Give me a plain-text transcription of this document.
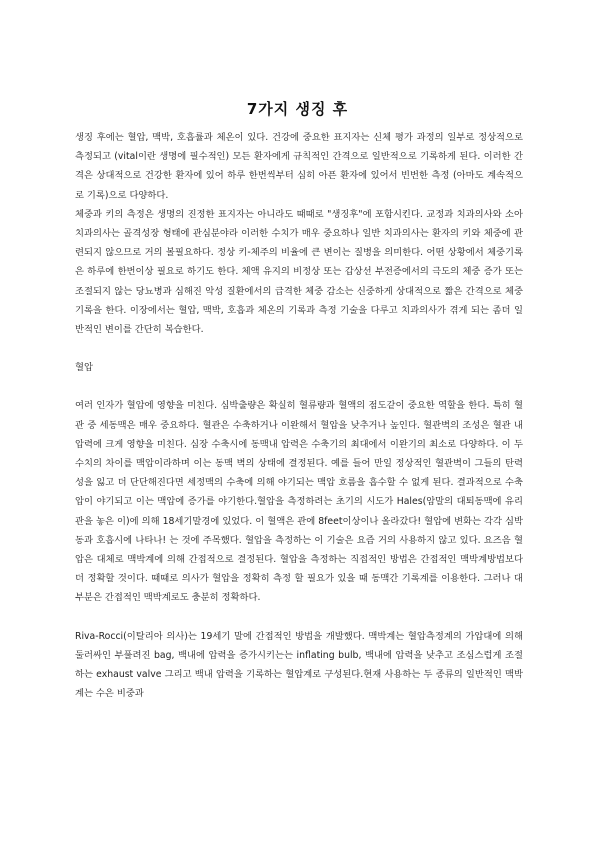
7가지 생징 후

생징 후에는 혈압, 맥박, 호흡률과 체온이 있다. 건강에 중요한 표지자는 신체 평가 과정의 일부로 정상적으로 측정되고 (vital이란 생명에 필수적인) 모든 환자에게 규칙적인 간격으로 일반적으로 기록하게 된다. 이러한 간격은 상대적으로 건강한 환자에 있어 하루 한번씩부터 심히 아픈 환자에 있어서 빈번한 측정 (아마도 계속적으로 기록)으로 다양하다.

체중과 키의 측정은 생명의 진정한 표지자는 아니라도 때때로 "생징후"에 포함시킨다. 교정과 치과의사와 소아치과의사는 골격성장 형태에 관심분야라 이러한 수치가 매우 중요하나 일반 치과의사는 환자의 키와 체중에 관련되지 않으므로 거의 볼필요하다. 정상 키-체주의 비율에 큰 변이는 질병을 의미한다. 어떤 상황에서 체중기록은 하루에 한번이상 필요로 하기도 한다. 체액 유지의 비정상 또는 갑상선 부전증에서의 극도의 체중 증가 또는 조절되지 않는 당뇨병과 심해진 악성 질환에서의 급격한 체중 감소는 신중하게 상대적으로 짧은 간격으로 체중 기록을 한다. 이장에서는 혈압, 맥박, 호흡과 체온의 기록과 측정 기술을 다루고 치과의사가 겪게 되는 좀더 일반적인 변이를 간단히 복습한다.

혈압

여러 인자가 혈압에 영향을 미친다. 심박출량은 확실히 혈류량과 혈액의 점도같이 중요한 역할을 한다. 특히 혈관 중 세동맥은 매우 중요하다. 혈관은 수축하거나 이완해서 혈압을 낮추거나 높인다. 혈관벽의 조성은 혈관 내 압력에 크게 영향을 미친다. 심장 수축시에 동맥내 압력은 수축기의 최대에서 이완기의 최소로 다양하다. 이 두 수치의 차이를 맥압이라하며 이는 동맥 벽의 상태에 결정된다. 예를 들어 만일 정상적인 혈관벽이 그들의 탄력성을 잃고 더 단단해진다면 세정맥의 수축에 의해 야기되는 맥압 흐름을 흡수할 수 없게 된다. 결과적으로 수축압이 야기되고 이는 맥압에 증가를 야기한다.혈압을 측정하려는 초기의 시도가 Hales(암말의 대퇴동맥에 유리관을 놓은 이)에 의해 18세기말경에 있었다. 이 혈액은 관에 8feet이상이나 올라갔다! 혈압에 변화는 각각 심박동과 호흡시에 나타나! 는 것에 주목했다. 혈압을 측정하는 이 기술은 요즘 거의 사용하지 않고 있다. 요즈음 혈압은 대체로 맥박계에 의해 간접적으로 결정된다. 혈압을 측정하는 직접적인 방법은 간접적인 맥박계방법보다 더 정확할 것이다. 때때로 의사가 혈압을 정확히 측정 할 필요가 있을 때 동맥간 기록계를 이용한다. 그러나 대부분은 간접적인 맥박계로도 충분히 정확하다.

Riva-Rocci(이탈리아 의사)는 19세기 말에 간접적인 방법을 개발했다. 맥박계는 혈압측정계의 가압대에 의해 둘러싸인 부풀려진 bag, 백내에 압력을 증가시키는는 inflating bulb, 백내에 압력을 낮추고 조심스럽게 조절하는 exhaust valve 그리고 백내 압력을 기록하는 혈압계로 구성된다.현재 사용하는 두 종류의 일반적인 맥박계는 수은 비중과
